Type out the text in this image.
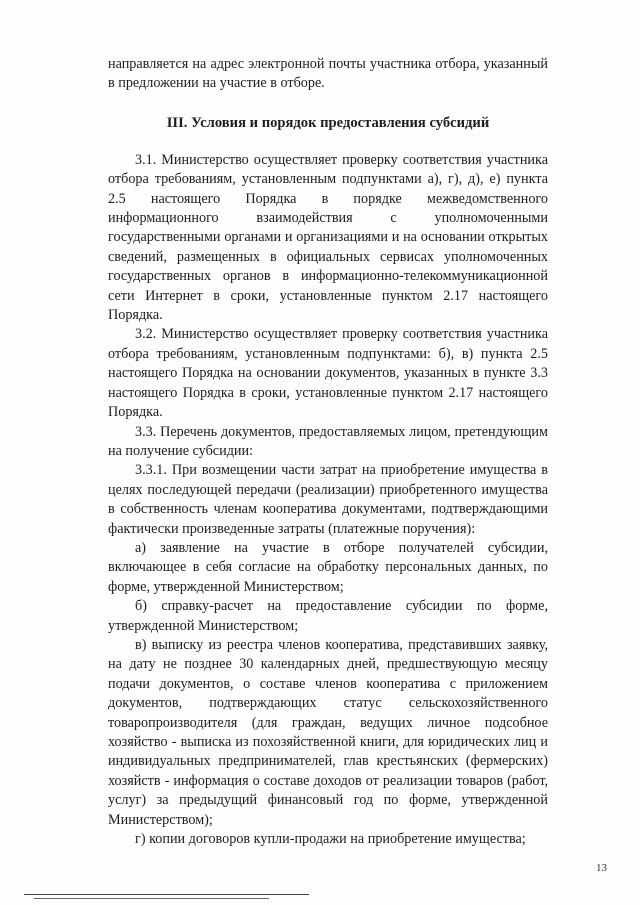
направляется на адрес электронной почты участника отбора, указанный в предложении на участие в отборе.

III. Условия и порядок предоставления субсидий

3.1. Министерство осуществляет проверку соответствия участника отбора требованиям, установленным подпунктами а), г), д), е) пункта 2.5 настоящего Порядка в порядке межведомственного информационного взаимодействия с уполномоченными государственными органами и организациями и на основании открытых сведений, размещенных в официальных сервисах уполномоченных государственных органов в информационно-телекоммуникационной сети Интернет в сроки, установленные пунктом 2.17 настоящего Порядка.

3.2. Министерство осуществляет проверку соответствия участника отбора требованиям, установленным подпунктами: б), в) пункта 2.5 настоящего Порядка на основании документов, указанных в пункте 3.3 настоящего Порядка в сроки, установленные пунктом 2.17 настоящего Порядка.

3.3. Перечень документов, предоставляемых лицом, претендующим на получение субсидии:

3.3.1. При возмещении части затрат на приобретение имущества в целях последующей передачи (реализации) приобретенного имущества в собственность членам кооператива документами, подтверждающими фактически произведенные затраты (платежные поручения):

а) заявление на участие в отборе получателей субсидии, включающее в себя согласие на обработку персональных данных, по форме, утвержденной Министерством;

б) справку-расчет на предоставление субсидии по форме, утвержденной Министерством;

в) выписку из реестра членов кооператива, представивших заявку, на дату не позднее 30 календарных дней, предшествующую месяцу подачи документов, о составе членов кооператива с приложением документов, подтверждающих статус сельскохозяйственного товаропроизводителя (для граждан, ведущих личное подсобное хозяйство - выписка из похозяйственной книги, для юридических лиц и индивидуальных предпринимателей, глав крестьянских (фермерских) хозяйств - информация о составе доходов от реализации товаров (работ, услуг) за предыдущий финансовый год по форме, утвержденной Министерством);

г) копии договоров купли-продажи на приобретение имущества;

13
